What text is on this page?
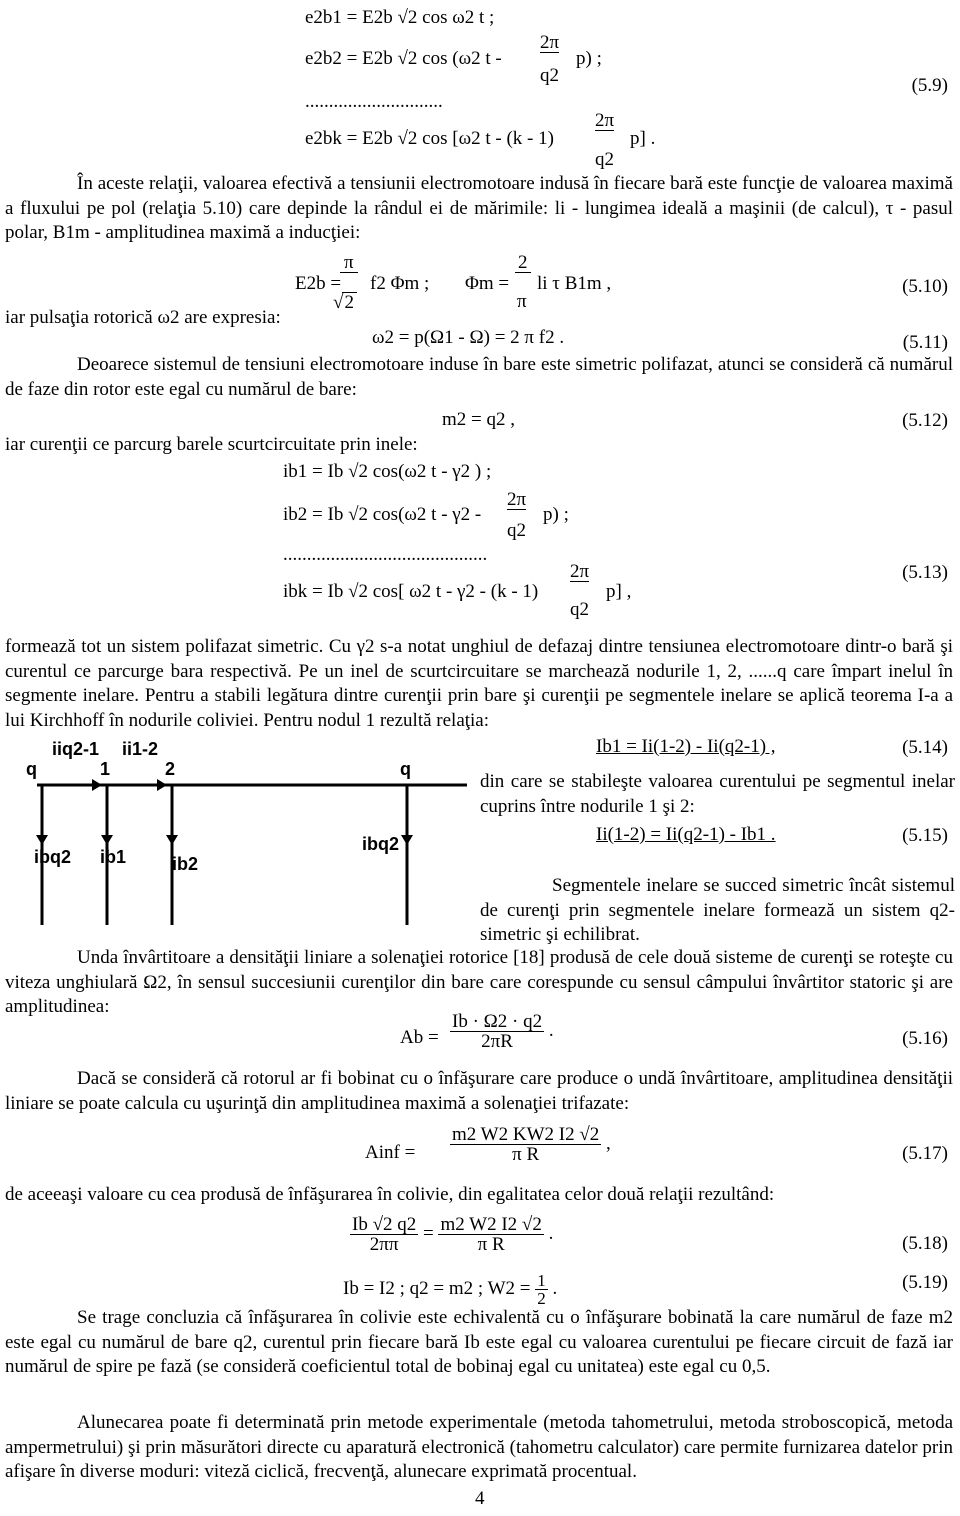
e2b1 = E2b √2 cos ω2 t ;
2π
e2b2 = E2b √2 cos (ω2 t -	p) ;
q2
.............................
(5.9)
2π
e2bk = E2b √2 cos [ω2 t - (k - 1)	p] .
q2
În aceste relaţii, valoarea efectivă a tensiunii electromotoare indusă în fiecare bară este funcţie de valoarea maximă a fluxului pe pol (relaţia 5.10) care depinde la rândul ei de mărimile: li - lungimea ideală a maşinii (de calcul), τ - pasul polar, B1m - amplitudinea maximă a inducţiei:
π
E2b =
√ 2
f2 Φm ; Φm =
2
π
li τ B1m ,	(5.10)
iar pulsaţia rotorică ω2 are expresia:
ω2 = p(Ω1 - Ω) = 2 π f2 .	(5.11)
Deoarece sistemul de tensiuni electromotoare induse în bare este simetric polifazat, atunci se consideră că numărul de faze din rotor este egal cu numărul de bare:
m2 = q2 ,	(5.12)
iar curenţii ce parcurg barele scurtcircuitate prin inele:
ib1 = Ib √2 cos(ω2 t - γ2 ) ;
2π
ib2 = Ib √2 cos(ω2 t - γ2 -	p) ;
q2
...........................................
2π	(5.13)
ibk = Ib √2 cos[ ω2 t - γ2 - (k - 1)	p] ,
q2
formează tot un sistem polifazat simetric. Cu γ2 s-a notat unghiul de defazaj dintre tensiunea electromotoare dintr-o bară şi curentul ce parcurge bara respectivă. Pe un inel de scurtcircuitare se marchează nodurile 1, 2, ......q care împart inelul în segmente inelare. Pentru a stabili legătura dintre curenţii prin bare şi curenţii pe segmentele inelare se aplică teorema I-a a lui Kirchhoff în nodurile coliviei. Pentru nodul 1 rezultă relaţia:
Ib1 = Ii(1-2) - Ii(q2-1) ,	(5.14)
din care se stabileşte valoarea curentului pe segmentul inelar cuprins între nodurile 1 şi 2:
Ii(1-2) = Ii(q2-1) - Ib1 .	(5.15)
Segmentele inelare se succed simetric încât sistemul de curenţi prin segmentele inelare formează un sistem q2-simetric şi echilibrat.
q
iiq2-1
1
ii1-2
2	q
ibq2 ib1	ib2
ibq2
Unda învârtitoare a densităţii liniare a solenaţiei rotorice [18] produsă de cele două sisteme de curenţi se roteşte cu viteza unghiulară Ω2, în sensul succesiunii curenţilor din bare care corespunde cu sensul câmpului învârtitor statoric şi are amplitudinea:
$Ab = \frac{Ib \cdot \Omega 2 \cdot q2}{2\pi R}$ .	(5.16)
Dacă se consideră că rotorul ar fi bobinat cu o înfăşurare care produce o undă învârtitoare, amplitudinea densităţii liniare se poate calcula cu uşurinţă din amplitudinea maximă a solenaţiei trifazate:
Ainf = $\frac{m2 W2 KW2 I2 √2}{\text{π R}}$ ,	(5.17)
de aceeaşi valoare cu cea produsă de înfăşurarea în colivie, din egalitatea celor două relaţii rezultând:
$\frac{Ib √2 q2}{2\pi\pi} = \frac{m2 W2 I2 √2}{\text{π R}}$ .	(5.18)
Ib = I2 ; q2 = m2 ; $W2 = \frac{1}{2}$ .	(5.19)
Se trage concluzia că înfăşurarea în colivie este echivalentă cu o înfăşurare bobinată la care numărul de faze m2 este egal cu numărul de bare q2, curentul prin fiecare bară Ib este egal cu valoarea curentului pe fiecare circuit de fază iar numărul de spire pe fază (se consideră coeficientul total de bobinaj egal cu unitatea) este egal cu 0,5.
Alunecarea poate fi determinată prin metode experimentale (metoda tahometrului, metoda stroboscopică, metoda ampermetrului) şi prin măsurători directe cu aparatură electronică (tahometru calculator) care permite furnizarea datelor prin afişare în diverse moduri: viteză ciclică, frecvenţă, alunecare exprimată procentual.
4
